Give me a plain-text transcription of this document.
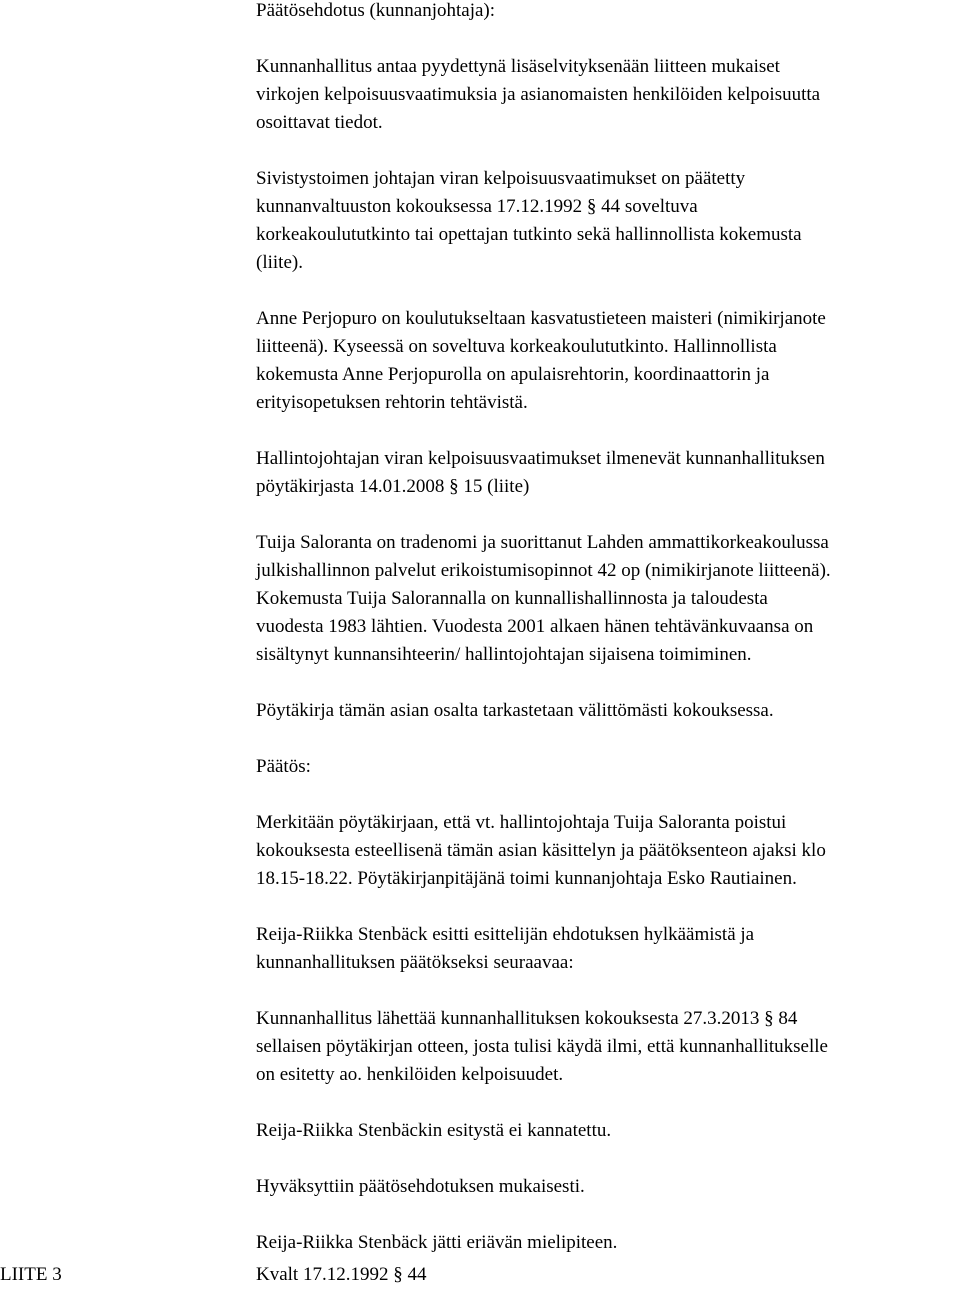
Päätösehdotus (kunnanjohtaja):
Kunnanhallitus antaa pyydettynä lisäselvityksenään liitteen mukaiset
virkojen kelpoisuusvaatimuksia ja asianomaisten henkilöiden kelpoisuutta
osoittavat tiedot.
Sivistystoimen johtajan viran kelpoisuusvaatimukset on päätetty
kunnanvaltuuston kokouksessa 17.12.1992 § 44 soveltuva
korkeakoulututkinto tai opettajan tutkinto sekä hallinnollista kokemusta
(liite).
Anne Perjopuro on koulutukseltaan kasvatustieteen maisteri (nimikirjanote
liitteenä). Kyseessä on soveltuva korkeakoulututkinto. Hallinnollista
kokemusta Anne Perjopurolla on apulaisrehtorin, koordinaattorin ja
erityisopetuksen rehtorin tehtävistä.
Hallintojohtajan viran kelpoisuusvaatimukset ilmenevät kunnanhallituksen
pöytäkirjasta 14.01.2008 § 15 (liite)
Tuija Saloranta on tradenomi ja suorittanut Lahden ammattikorkeakoulussa
julkishallinnon palvelut erikoistumisopinnot 42 op (nimikirjanote liitteenä).
Kokemusta Tuija Salorannalla on kunnallishallinnosta ja taloudesta
vuodesta 1983 lähtien. Vuodesta 2001 alkaen hänen tehtävänkuvaansa on
sisältynyt kunnansihteerin/ hallintojohtajan sijaisena toimiminen.
Pöytäkirja tämän asian osalta tarkastetaan välittömästi kokouksessa.
Päätös:
Merkitään pöytäkirjaan, että vt. hallintojohtaja Tuija Saloranta poistui
kokouksesta esteellisenä tämän asian käsittelyn ja päätöksenteon ajaksi klo
18.15-18.22. Pöytäkirjanpitäjänä toimi kunnanjohtaja Esko Rautiainen.
Reija-Riikka Stenbäck esitti esittelijän ehdotuksen hylkäämistä ja
kunnanhallituksen päätökseksi seuraavaa:
Kunnanhallitus lähettää kunnanhallituksen kokouksesta 27.3.2013 § 84
sellaisen pöytäkirjan otteen, josta tulisi käydä ilmi, että kunnanhallitukselle
on esitetty ao. henkilöiden kelpoisuudet.
Reija-Riikka Stenbäckin esitystä ei kannatettu.
Hyväksyttiin päätösehdotuksen mukaisesti.
Reija-Riikka Stenbäck jätti eriävän mielipiteen.
LIITE 3	Kvalt 17.12.1992 § 44
